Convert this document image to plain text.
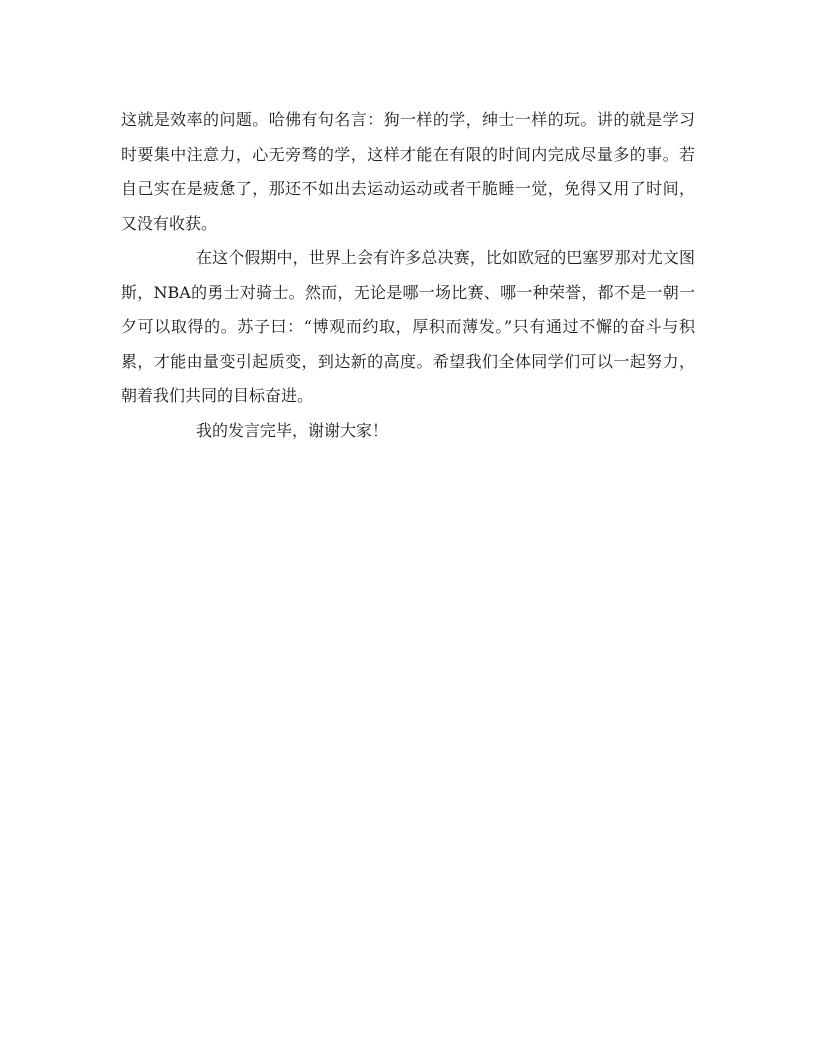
这就是效率的问题。哈佛有句名言：狗一样的学，绅士一样的玩。讲的就是学习时要集中注意力，心无旁骛的学，这样才能在有限的时间内完成尽量多的事。若自己实在是疲惫了，那还不如出去运动运动或者干脆睡一觉，免得又用了时间，又没有收获。

在这个假期中，世界上会有许多总决赛，比如欧冠的巴塞罗那对尤文图斯，NBA的勇士对骑士。然而，无论是哪一场比赛、哪一种荣誉，都不是一朝一夕可以取得的。苏子曰：“博观而约取，厚积而薄发。”只有通过不懈的奋斗与积累，才能由量变引起质变，到达新的高度。希望我们全体同学们可以一起努力，朝着我们共同的目标奋进。

我的发言完毕，谢谢大家！
